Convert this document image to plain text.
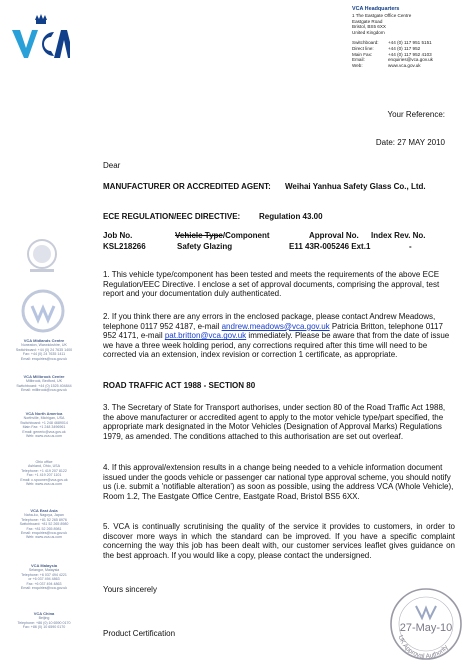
VCA Midlands Centre
Nuneaton, Warwickshire, UK
Switchboard: +44 (0) 24 7635 1400
Fax: +44 (0) 24 7635 1411
Email: enquiries@vca.gov.uk
VCA Millbrook Centre
Millbrook, Bedford, UK
Switchboard: +44 (0) 1525 404844
Email: millbrook@vca.gov.uk
VCA North America
Northville, Michigan, USA
Switchboard: +1 248 4689014
Main Fax: +1 248 3496961
Email: generic@vca.gov.uk
Web: www.vca.us.com
Ohio office
Ashland, Ohio, USA
Telephone: +1 419 207 8122
Fax: +1 419 207 1101
Email: c.spooner@vca.gov.uk
Web: www.vca.us.com
VCA East Asia
Naha-ku, Nagoya, Japan
Telephone: +81 52 265 8976
Switchboard: +81 52 265 8980
Fax: +81 52 265 8981
Email: enquiries@vca.gov.uk
Web: www.vca.us.com
VCA Malaysia
Selangor, Malaysia
Telephone: +6 037 494 4221
or +6 037 494 4863
Fax: +6 037 494 4863
Email: enquiries@vca.gov.uk
VCA China
Beijing
Telephone: +86 (0) 10 6590 0170
Fax: +86 (0) 10 6590 0170
VCA Headquarters
1 The Eastgate Office Centre
Eastgate Road
Bristol, BS5 6XX
United Kingdom
Switchboard:	+44 (0) 117 951 5151
Direct line:	+44 (0) 117 952
Main Fax:	+44 (0) 117 952 4103
Email:	enquiries@vca.gov.uk
Web:	www.vca.gov.uk
Your Reference:
Date: 27 MAY 2010
Dear
MANUFACTURER OR ACCREDITED AGENT:	Weihai Yanhua Safety Glass Co., Ltd.
ECE REGULATION/EEC DIRECTIVE:	Regulation 43.00
Job No.	Vehicle Type/Component	Approval No. Index Rev. No.
KSL218266	Safety Glazing	E11 43R-005246 Ext.1	-
1. This vehicle type/component has been tested and meets the requirements of the above ECE Regulation/EEC Directive. I enclose a set of approval documents, comprising the approval, test report and your documentation duly authenticated.
2. If you think there are any errors in the enclosed package, please contact Andrew Meadows, telephone 0117 952 4187, e-mail andrew.meadows@vca.gov.uk Patricia Britton, telephone 0117 952 4171, e-mail pat.britton@vca.gov.uk immediately. Please be aware that from the date of issue we have a three week holding period, any corrections required after this time will need to be corrected via an extension, index revision or correction 1 certificate, as appropriate.
ROAD TRAFFIC ACT 1988 - SECTION 80
3. The Secretary of State for Transport authorises, under section 80 of the Road Traffic Act 1988, the above manufacturer or accredited agent to apply to the motor vehicle type/part specified, the appropriate mark designated in the Motor Vehicles (Designation of Approval Marks) Regulations 1979, as amended. The conditions attached to this authorisation are set out overleaf.
4. If this approval/extension results in a change being needed to a vehicle information document issued under the goods vehicle or passenger car national type approval scheme, you should notify us (i.e. submit a 'notifiable alteration') as soon as possible, using the address VCA (Whole Vehicle), Room 1.2, The Eastgate Office Centre, Eastgate Road, Bristol BS5 6XX.
5. VCA is continually scrutinising the quality of the service it provides to customers, in order to discover more ways in which the standard can be improved. If you have a specific complaint concerning the way this job has been dealt with, our customer services leaflet gives guidance on the best approach. If you would like a copy, please contact the undersigned.
Yours sincerely
Product Certification	27-May-10
UK Approval Authority
